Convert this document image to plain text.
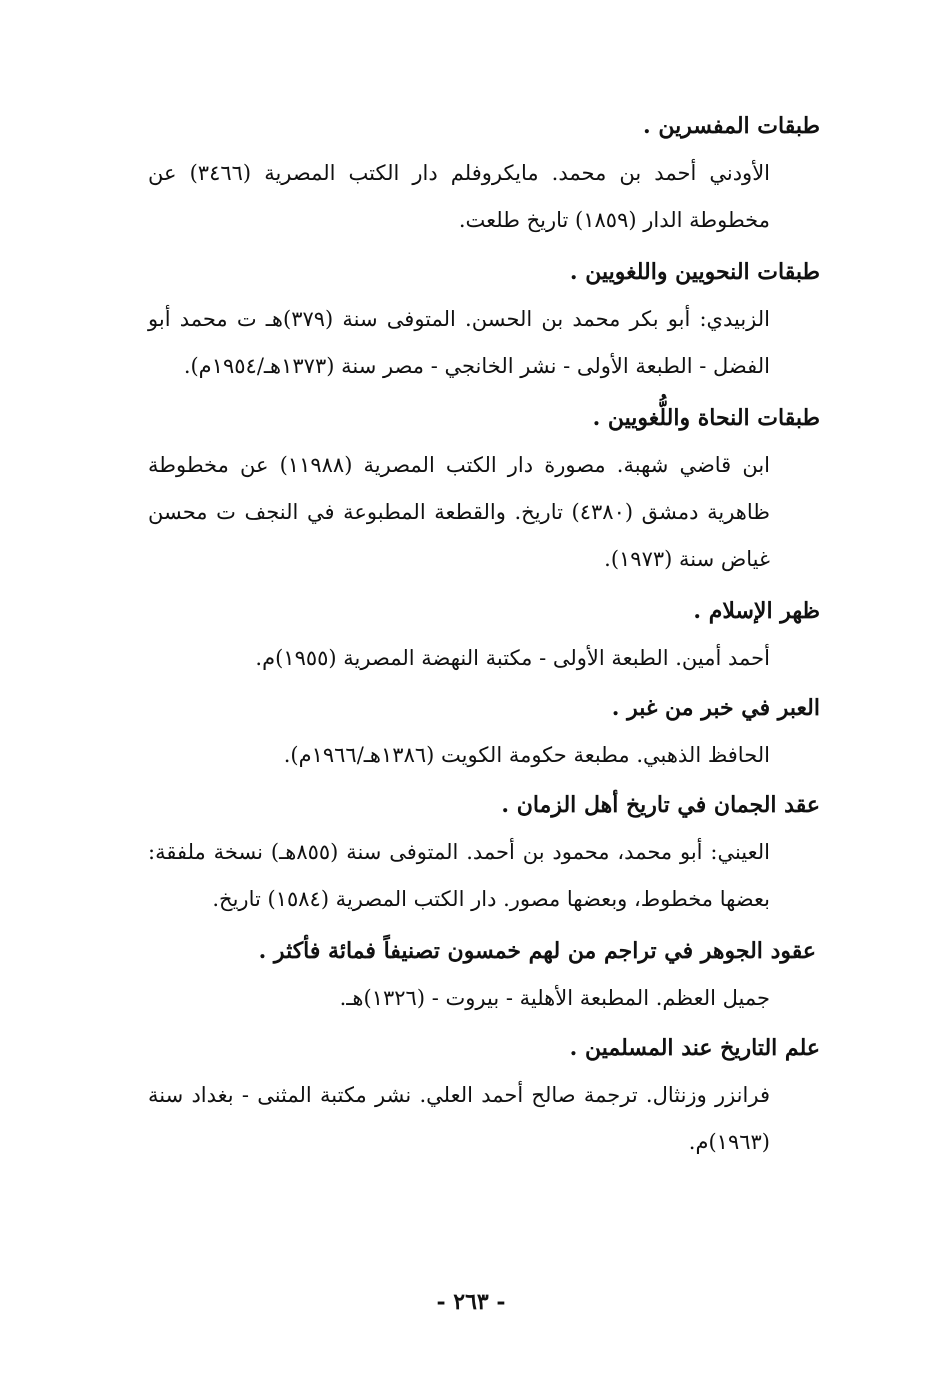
طبقات المفسرين .

الأودني أحمد بن محمد. مايكروفلم دار الكتب المصرية (٣٤٦٦) عن مخطوطة الدار (١٨٥٩) تاريخ طلعت.

طبقات النحويين واللغويين .

الزبيدي: أبو بكر محمد بن الحسن. المتوفى سنة (٣٧٩)هـ ت محمد أبو الفضل - الطبعة الأولى - نشر الخانجي - مصر سنة (١٣٧٣هـ/١٩٥٤م).

طبقات النحاة واللُّغويين .

ابن قاضي شهبة. مصورة دار الكتب المصرية (١١٩٨٨) عن مخطوطة ظاهرية دمشق (٤٣٨٠) تاريخ. والقطعة المطبوعة في النجف ت محسن غياض سنة (١٩٧٣).

ظهر الإسلام .

أحمد أمين. الطبعة الأولى - مكتبة النهضة المصرية (١٩٥٥)م.

العبر في خبر من غبر .

الحافظ الذهبي. مطبعة حكومة الكويت (١٣٨٦هـ/١٩٦٦م).

عقد الجمان في تاريخ أهل الزمان .

العيني: أبو محمد، محمود بن أحمد. المتوفى سنة (٨٥٥هـ) نسخة ملفقة: بعضها مخطوط، وبعضها مصور. دار الكتب المصرية (١٥٨٤) تاريخ.

عقود الجوهر في تراجم من لهم خمسون تصنيفاً فمائة فأكثر .

جميل العظم. المطبعة الأهلية - بيروت - (١٣٢٦)هـ.

علم التاريخ عند المسلمين .

فرانزر وزنثال. ترجمة صالح أحمد العلي. نشر مكتبة المثنى - بغداد سنة (١٩٦٣)م.

- ٢٦٣ -
